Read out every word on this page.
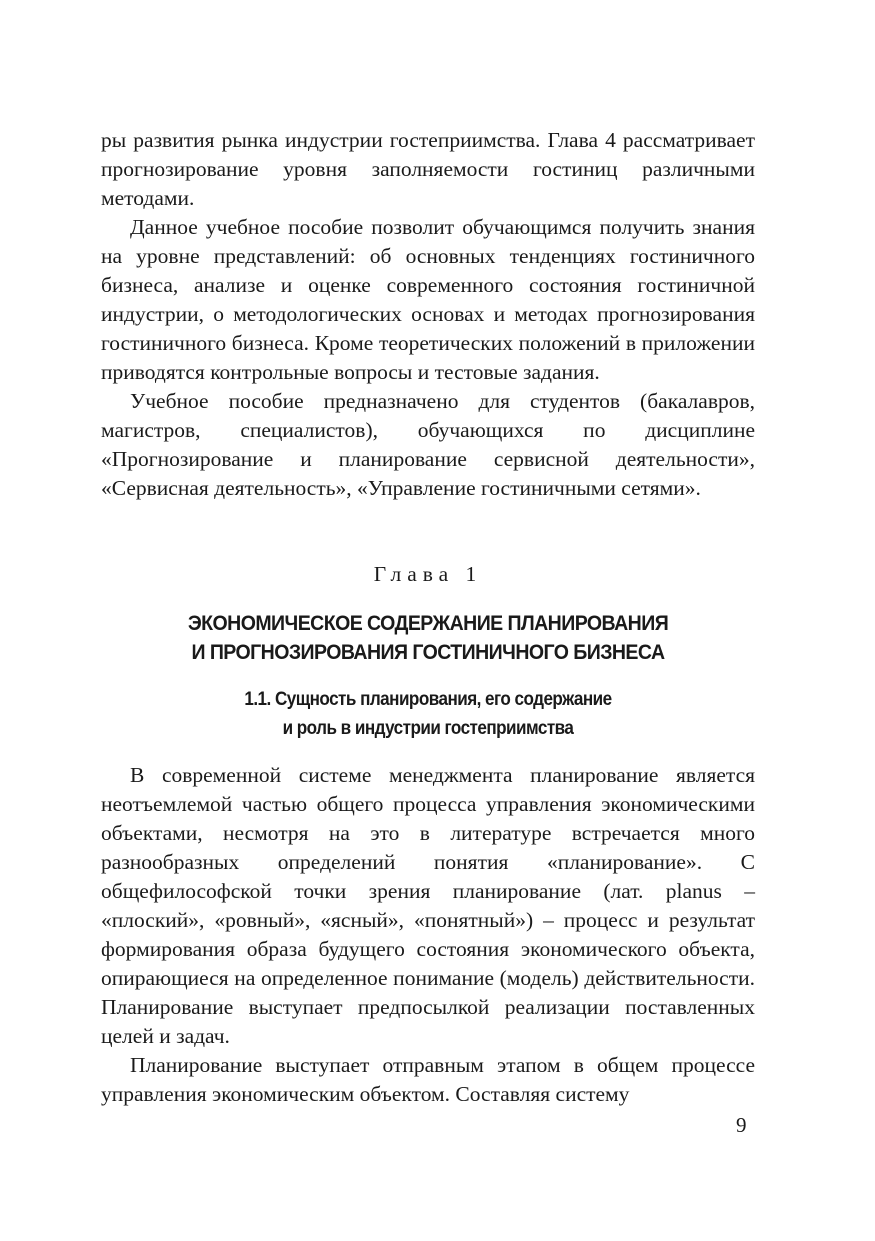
ры развития рынка индустрии гостеприимства. Глава 4 рассматривает прогнозирование уровня заполняемости гостиниц различными методами.

Данное учебное пособие позволит обучающимся получить знания на уровне представлений: об основных тенденциях гостиничного бизнеса, анализе и оценке современного состояния гостиничной индустрии, о методологических основах и методах прогнозирования гостиничного бизнеса. Кроме теоретических положений в приложении приводятся контрольные вопросы и тестовые задания.

Учебное пособие предназначено для студентов (бакалавров, магистров, специалистов), обучающихся по дисциплине «Прогнозирование и планирование сервисной деятельности», «Сервисная деятельность», «Управление гостиничными сетями».

Глава 1
ЭКОНОМИЧЕСКОЕ СОДЕРЖАНИЕ ПЛАНИРОВАНИЯ
И ПРОГНОЗИРОВАНИЯ ГОСТИНИЧНОГО БИЗНЕСА
1.1. Сущность планирования, его содержание
и роль в индустрии гостеприимства

В современной системе менеджмента планирование является неотъемлемой частью общего процесса управления экономическими объектами, несмотря на это в литературе встречается много разнообразных определений понятия «планирование». С общефилософской точки зрения планирование (лат. planus – «плоский», «ровный», «ясный», «понятный») – процесс и результат формирования образа будущего состояния экономического объекта, опирающиеся на определенное понимание (модель) действительности. Планирование выступает предпосылкой реализации поставленных целей и задач.

Планирование выступает отправным этапом в общем процессе управления экономическим объектом. Составляя систему

9
